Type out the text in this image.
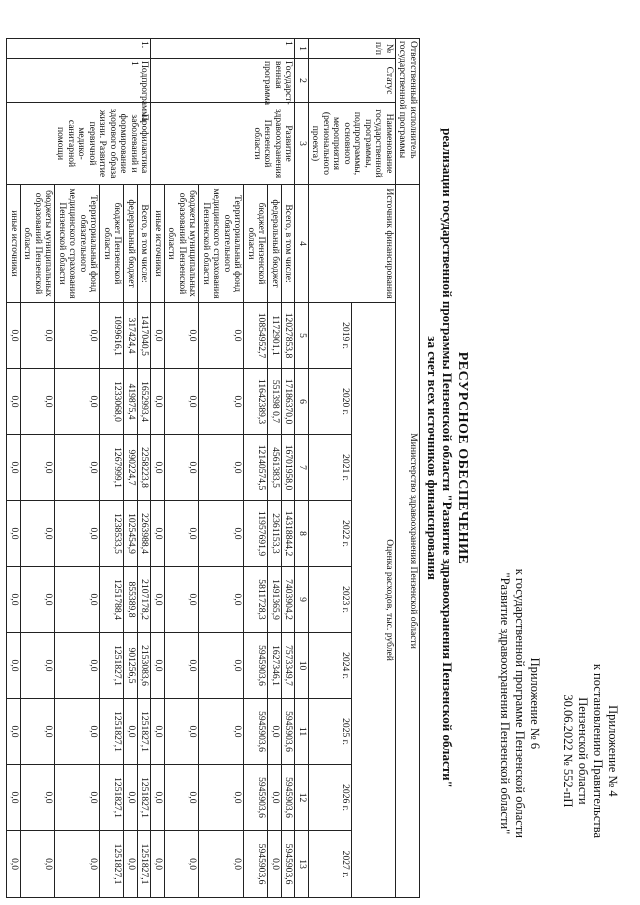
Приложение № 4
к постановлению Правительства
Пензенской области
30.06.2022 № 552-пП
Приложение № 6
к государственной программе Пензенской области
"Развитие здравоохранения Пензенской области"
РЕСУРСНОЕ ОБЕСПЕЧЕНИЕ
реализации государственной программы Пензенской области "Развитие здравоохранения Пензенской области"
за счет всех источников финансирования
Ответственный исполнитель государственной программы			Министерство здравоохранения Пензенской области									
№ п/п	Статус	Наименование государственной программы, подпрограммы, основного мероприятия (регионального проекта)	Источник финансирования	Оценка расходов, тыс. рублей								
				2019 г.	2020 г.	2021 г.	2022 г.	2023 г.	2024 г.	2025 г.	2026 г.	2027 г.
1	2	3	4	5	6	7	8	9	10	11	12	13
1	Государст-венная программа	Развитие здравоохранения Пензенской области	Всего, в том числе:	12027853,8	17186370,0	16701958,0	14318844,2	7403904,2	7573349,7	5945903,6	5945903,6	5945903,6
			федеральный бюджет	1172901,1	551398 0,7	4561383,5	2361153,3	1491365,9	1627346,1	0,0	0,0	0,0
			бюджет Пензенской области	10854952,7	11642389,3	12140574,5	11957691,9	5811728,3	5945903,6	5945903,6	5945903,6	5945903,6
			Территориальный фонд обязательного медицинского страхования Пензенской области	0,0	0,0	0,0	0,0	0,0	0,0	0,0	0,0	0,0
			бюджеты муниципальных образований Пензенской области	0,0	0,0	0,0	0,0	0,0	0,0	0,0	0,0	0,0
			иные источники	0,0	0,0	0,0	0,0	0,0	0,0	0,0	0,0	0,0
1.	Подпрограмма 1	Профилактика заболеваний и формирование здорового образа жизни. Развитие первичной медико-санитарной помощи	Всего, в том числе:	1417040,5	1652993,4	2258223,8	2263988,4	2107178,2	2153083,6	1251827,1	1251827,1	1251827,1
			федеральный бюджет	317424,4	419875,4	990224,7	1025454,9	855389,8	901256,5	0,0	0,0	0,0
			бюджет Пензенской области	1099616,1	1233068,0	1267999,1	1238533,5	1251788,4	1251827,1	1251827,1	1251827,1	1251827,1
			Территориальный фонд обязательного медицинского страхования Пензенской области	0,0	0,0	0,0	0,0	0,0	0,0	0,0	0,0	0,0
			бюджеты муниципальных образований Пензенской области	0,0	0,0	0,0	0,0	0,0	0,0	0,0	0,0	0,0
			иные источники	0,0	0,0	0,0	0,0	0,0	0,0	0,0	0,0	0,0
